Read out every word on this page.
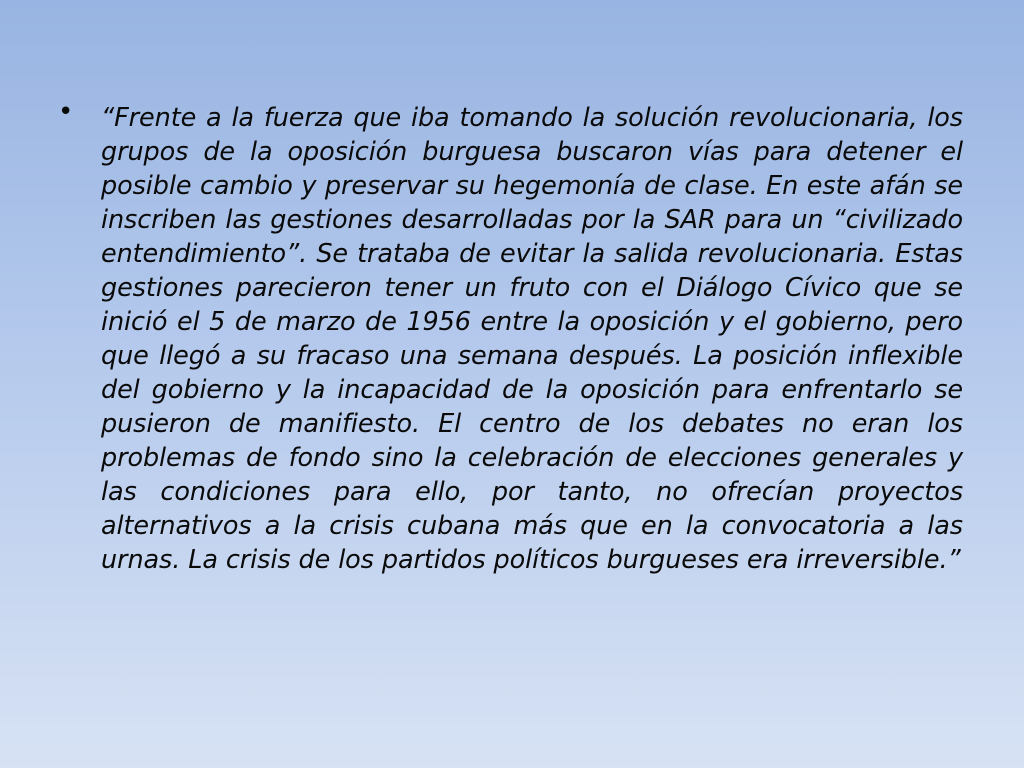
• “Frente a la fuerza que iba tomando la solución revolucionaria, los grupos de la oposición burguesa buscaron vías para detener el posible cambio y preservar su hegemonía de clase. En este afán se inscriben las gestiones desarrolladas por la SAR para un “civilizado entendimiento”. Se trataba de evitar la salida revolucionaria. Estas gestiones parecieron tener un fruto con el Diálogo Cívico que se inició el 5 de marzo de 1956 entre la oposición y el gobierno, pero que llegó a su fracaso una semana después. La posición inflexible del gobierno y la incapacidad de la oposición para enfrentarlo se pusieron de manifiesto. El centro de los debates no eran los problemas de fondo sino la celebración de elecciones generales y las condiciones para ello, por tanto, no ofrecían proyectos alternativos a la crisis cubana más que en la convocatoria a las urnas. La crisis de los partidos políticos burgueses era irreversible.”
